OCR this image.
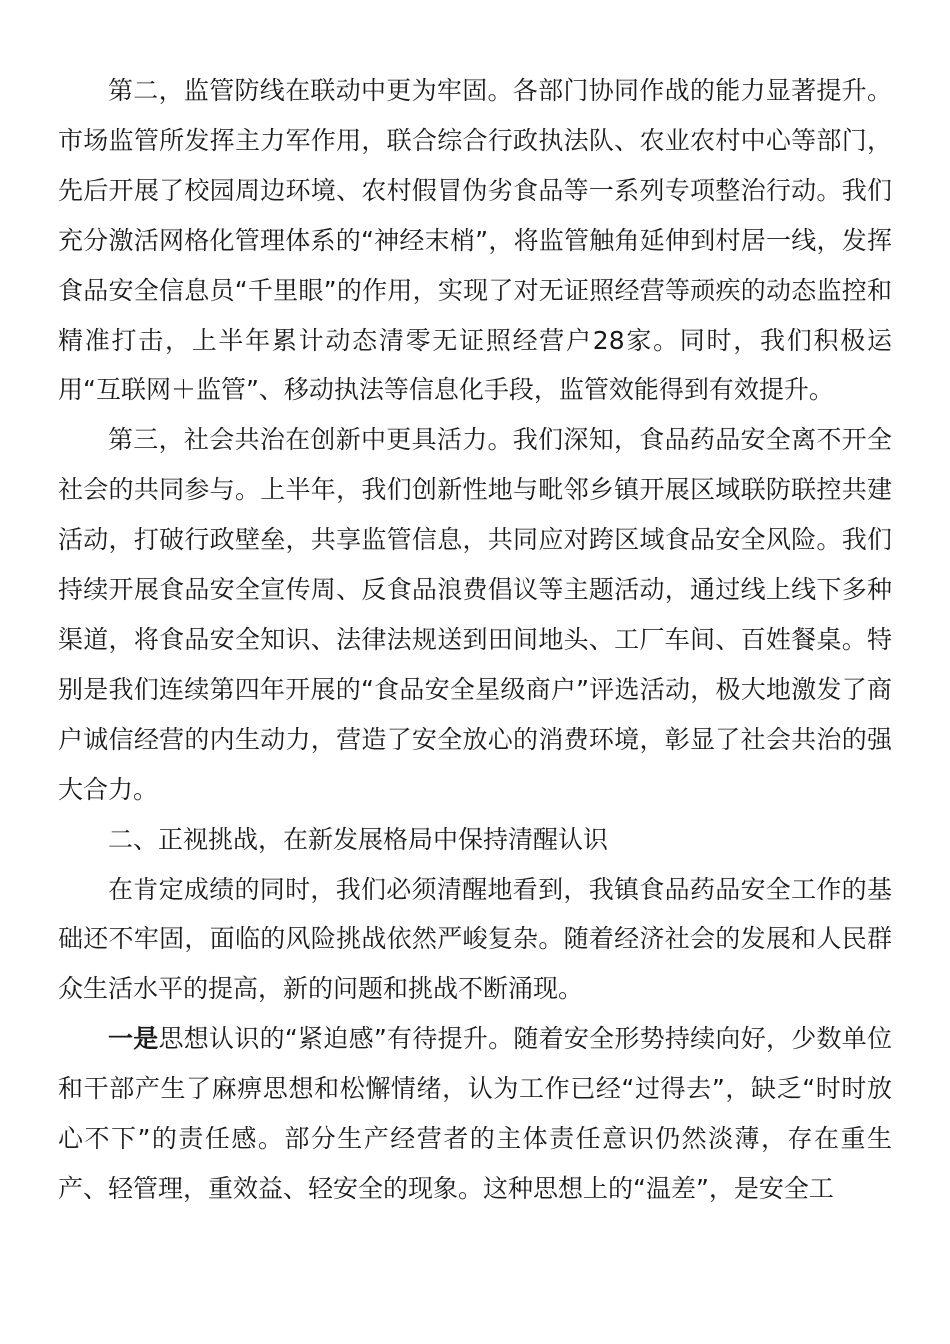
第二，监管防线在联动中更为牢固。各部门协同作战的能力显著提升。市场监管所发挥主力军作用，联合综合行政执法队、农业农村中心等部门，先后开展了校园周边环境、农村假冒伪劣食品等一系列专项整治行动。我们充分激活网格化管理体系的“神经末梢”，将监管触角延伸到村居一线，发挥食品安全信息员“千里眼”的作用，实现了对无证照经营等顽疾的动态监控和精准打击，上半年累计动态清零无证照经营户28家。同时，我们积极运用“互联网＋监管”、移动执法等信息化手段，监管效能得到有效提升。

第三，社会共治在创新中更具活力。我们深知，食品药品安全离不开全社会的共同参与。上半年，我们创新性地与毗邻乡镇开展区域联防联控共建活动，打破行政壁垒，共享监管信息，共同应对跨区域食品安全风险。我们持续开展食品安全宣传周、反食品浪费倡议等主题活动，通过线上线下多种渠道，将食品安全知识、法律法规送到田间地头、工厂车间、百姓餐桌。特别是我们连续第四年开展的“食品安全星级商户”评选活动，极大地激发了商户诚信经营的内生动力，营造了安全放心的消费环境，彰显了社会共治的强大合力。

二、正视挑战，在新发展格局中保持清醒认识

在肯定成绩的同时，我们必须清醒地看到，我镇食品药品安全工作的基础还不牢固，面临的风险挑战依然严峻复杂。随着经济社会的发展和人民群众生活水平的提高，新的问题和挑战不断涌现。

一是思想认识的“紧迫感”有待提升。随着安全形势持续向好，少数单位和干部产生了麻痹思想和松懈情绪，认为工作已经“过得去”，缺乏“时时放心不下”的责任感。部分生产经营者的主体责任意识仍然淡薄，存在重生产、轻管理，重效益、轻安全的现象。这种思想上的“温差”，是安全工
